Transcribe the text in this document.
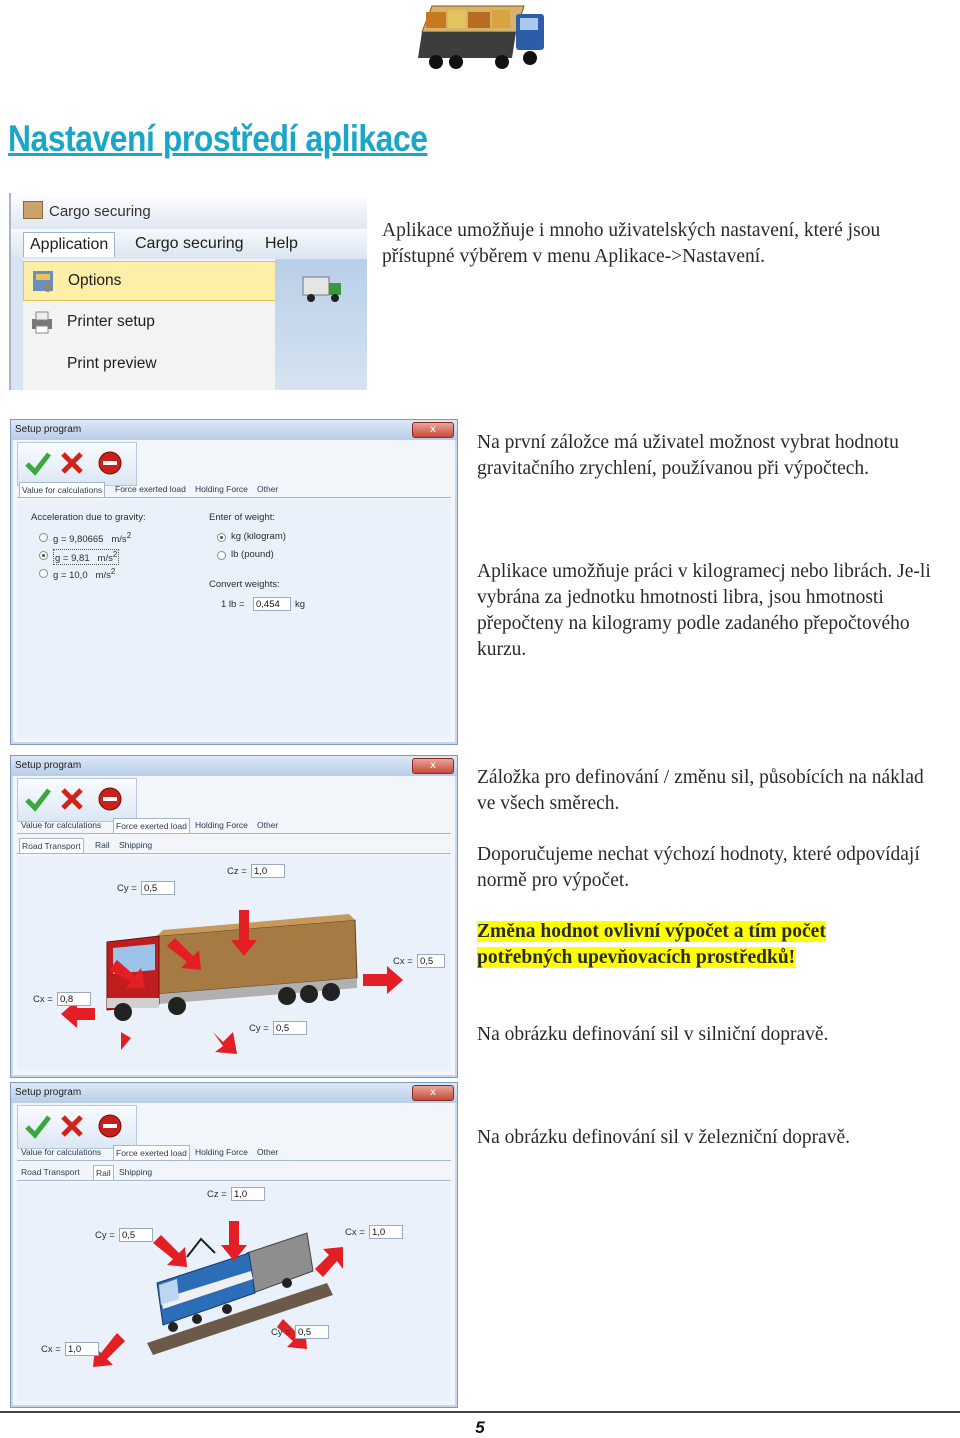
Nastavení prostředí aplikace
Cargo securing
Application	Cargo securing Help
Options
Printer setup
Print preview
Aplikace umožňuje i mnoho uživatelských nastavení, které jsou přístupné výběrem v menu Aplikace->Nastavení.
Setup program	x
Value for calculations	Force exerted load Holding Force Other
Acceleration due to gravity:
g = 9,80665 $m/s^2$
g = 9,81 $m/s^2$
g = 10,0 $m/s^2$
Enter of weight:
kg (kilogram)
lb (pound)
Convert weights:
1 lb =	0,454	kg
Na první záložce má uživatel možnost vybrat hodnotu gravitačního zrychlení, používanou při výpočtech.
Aplikace umožňuje práci v kilogramecj nebo librách. Je-li vybrána za jednotku hmotnosti libra, jsou hmotnosti přepočteny na kilogramy podle zadaného přepočtového kurzu.
Setup program	x
Value for calculations	Force exerted load Holding Force Other
Road Transport	Rail Shipping
Cz = 1,0
Cy = 0,5
Cx = 0,5
Cx = 0,8
Cy = 0,5
Záložka pro definování / změnu sil, působících na náklad ve všech směrech.
Doporučujeme nechat výchozí hodnoty, které odpovídají normě pro výpočet.
Změna hodnot ovlivní výpočet a tím počet
potřebných upevňovacích prostředků!
Na obrázku definování sil v silniční dopravě.
Setup program	x
Value for calculations	Force exerted load Holding Force Other
Road Transport	Rail Shipping
Cz = 1,0
Cy = 0,5	Cx = 1,0
Cy = 0,5
Cx = 1,0
Na obrázku definování sil v železniční dopravě.
5
